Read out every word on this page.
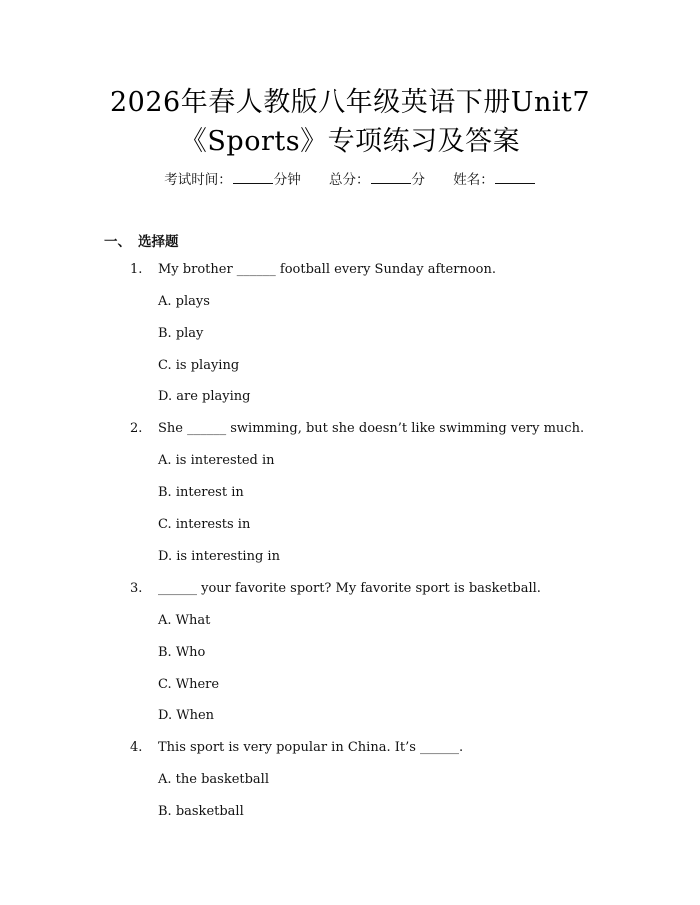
2026年春人教版八年级英语下册Unit7
《Sports》专项练习及答案
考试时间：	分钟 总分：	分 姓名：
一、 选择题
1. My brother ______ football every Sunday afternoon.
A. plays
B. play
C. is playing
D. are playing
2. She ______ swimming, but she doesn’t like swimming very much.
A. is interested in
B. interest in
C. interests in
D. is interesting in
3. ______ your favorite sport? My favorite sport is basketball.
A. What
B. Who
C. Where
D. When
4. This sport is very popular in China. It’s ______.
A. the basketball
B. basketball
